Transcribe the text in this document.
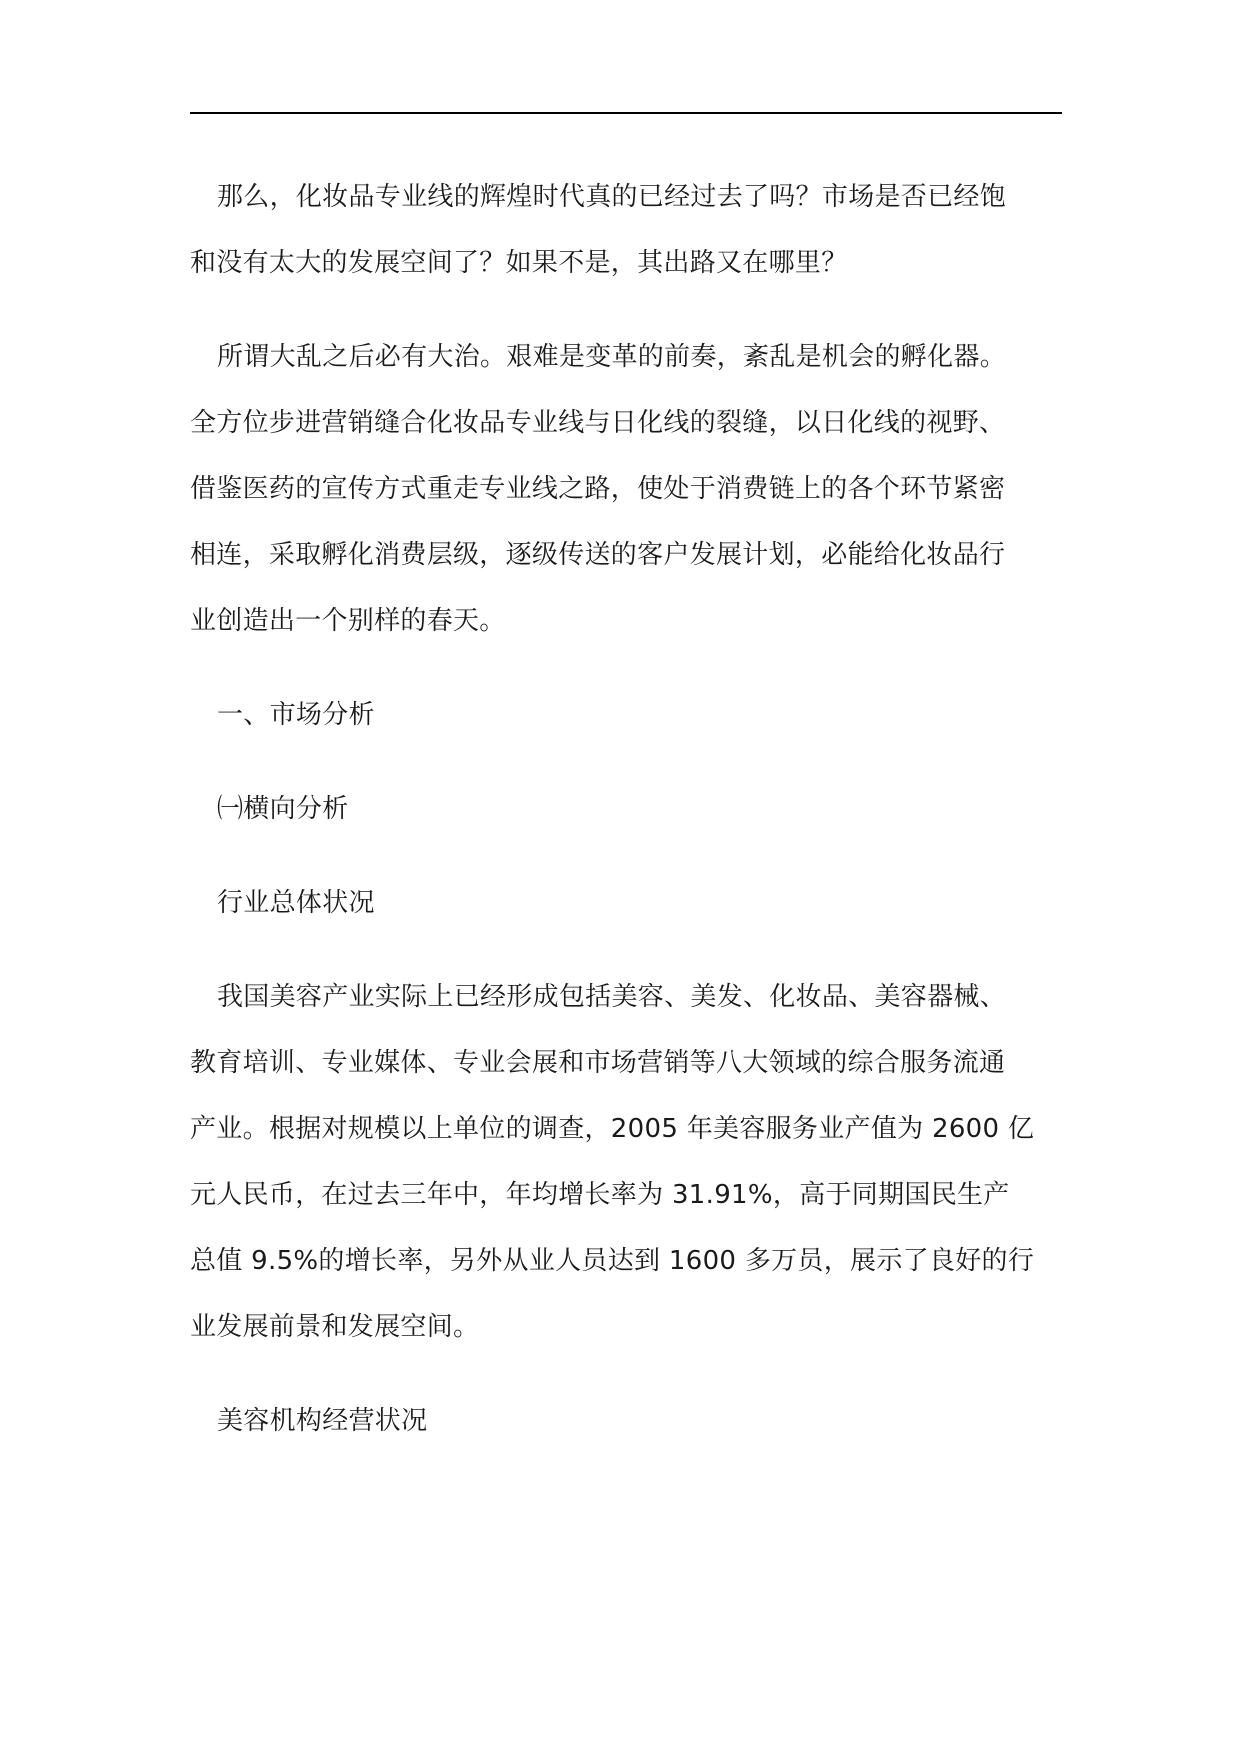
那么，化妆品专业线的辉煌时代真的已经过去了吗？市场是否已经饱
和没有太大的发展空间了？如果不是，其出路又在哪里？

所谓大乱之后必有大治。艰难是变革的前奏，紊乱是机会的孵化器。
全方位步进营销缝合化妆品专业线与日化线的裂缝，以日化线的视野、
借鉴医药的宣传方式重走专业线之路，使处于消费链上的各个环节紧密
相连，采取孵化消费层级，逐级传送的客户发展计划，必能给化妆品行
业创造出一个别样的春天。

一、市场分析

㈠横向分析

行业总体状况

我国美容产业实际上已经形成包括美容、美发、化妆品、美容器械、
教育培训、专业媒体、专业会展和市场营销等八大领域的综合服务流通
产业。根据对规模以上单位的调查，2005 年美容服务业产值为 2600 亿
元人民币，在过去三年中，年均增长率为 31.91%，高于同期国民生产
总值 9.5%的增长率，另外从业人员达到 1600 多万员，展示了良好的行
业发展前景和发展空间。

美容机构经营状况
